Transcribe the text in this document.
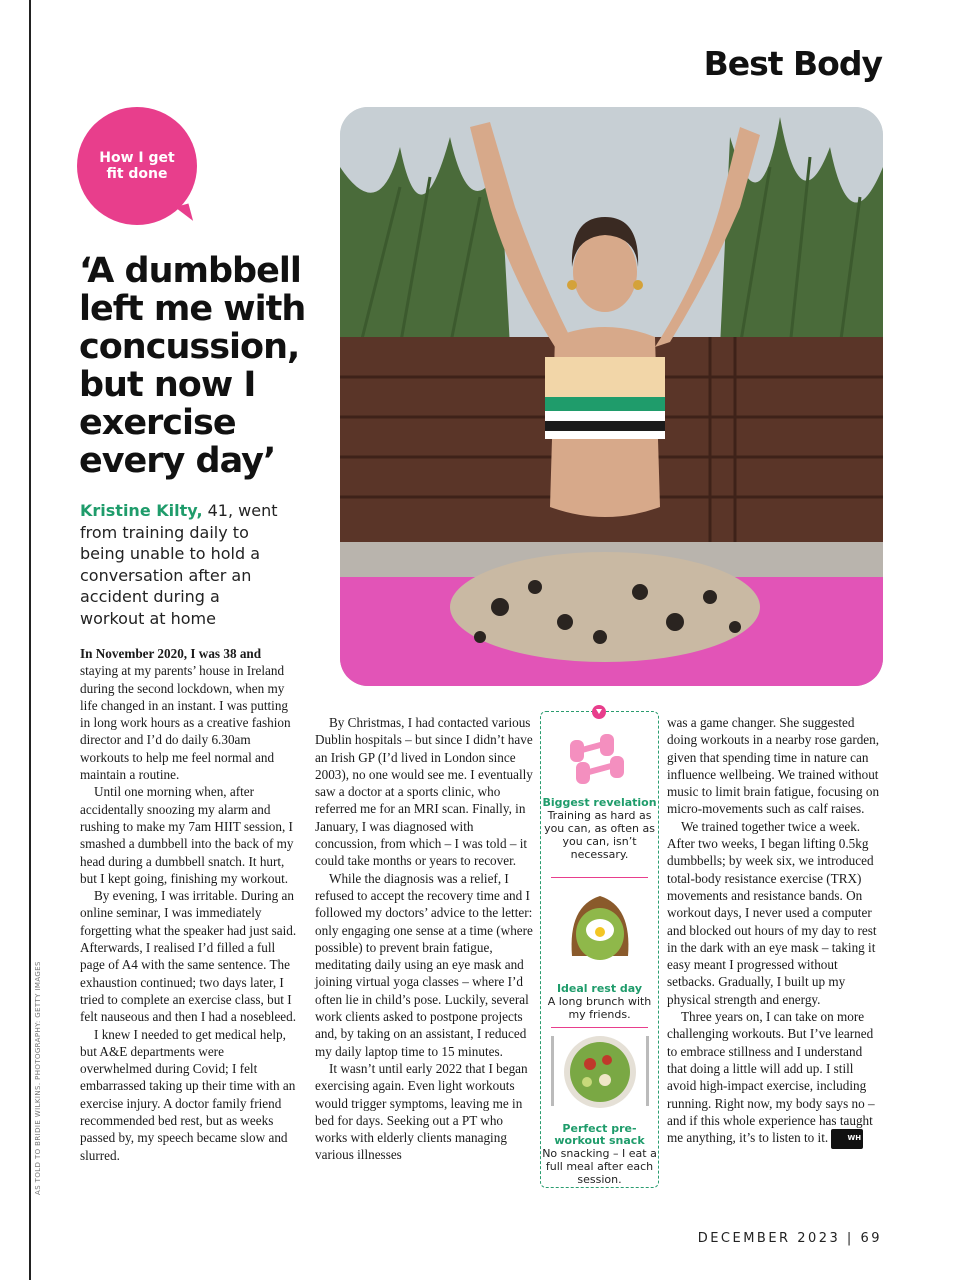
Best Body
How I get fit done
‘A dumbbell left me with concussion, but now I exercise every day’

Kristine Kilty, 41, went from training daily to being unable to hold a conversation after an accident during a workout at home

In November 2020, I was 38 and staying at my parents’ house in Ireland during the second lockdown, when my life changed in an instant. I was putting in long work hours as a creative fashion director and I’d do daily 6.30am workouts to help me feel normal and maintain a routine.

Until one morning when, after accidentally snoozing my alarm and rushing to make my 7am HIIT session, I smashed a dumbbell into the back of my head during a dumbbell snatch. It hurt, but I kept going, finishing my workout.

By evening, I was irritable. During an online seminar, I was immediately forgetting what the speaker had just said. Afterwards, I realised I’d filled a full page of A4 with the same sentence. The exhaustion continued; two days later, I tried to complete an exercise class, but I felt nauseous and then I had a nosebleed.

I knew I needed to get medical help, but A&E departments were overwhelmed during Covid; I felt embarrassed taking up their time with an exercise injury. A doctor family friend recommended bed rest, but as weeks passed by, my speech became slow and slurred.

By Christmas, I had contacted various Dublin hospitals – but since I didn’t have an Irish GP (I’d lived in London since 2003), no one would see me. I eventually saw a doctor at a sports clinic, who referred me for an MRI scan. Finally, in January, I was diagnosed with concussion, from which – I was told – it could take months or years to recover.

While the diagnosis was a relief, I refused to accept the recovery time and I followed my doctors’ advice to the letter: only engaging one sense at a time (where possible) to prevent brain fatigue, meditating daily using an eye mask and joining virtual yoga classes – where I’d often lie in child’s pose. Luckily, several work clients asked to postpone projects and, by taking on an assistant, I reduced my daily laptop time to 15 minutes.

It wasn’t until early 2022 that I began exercising again. Even light workouts would trigger symptoms, leaving me in bed for days. Seeking out a PT who works with elderly clients managing various illnesses

Biggest revelation
Training as hard as you can, as often as you can, isn’t necessary.
Ideal rest day
A long brunch with my friends.
Perfect pre-workout snack
No snacking – I eat a full meal after each session.

was a game changer. She suggested doing workouts in a nearby rose garden, given that spending time in nature can influence wellbeing. We trained without music to limit brain fatigue, focusing on micro-movements such as calf raises.

We trained together twice a week. After two weeks, I began lifting 0.5kg dumbbells; by week six, we introduced total-body resistance exercise (TRX) movements and resistance bands. On workout days, I never used a computer and blocked out hours of my day to rest in the dark with an eye mask – taking it easy meant I progressed without setbacks. Gradually, I built up my physical strength and energy.

Three years on, I can take on more challenging workouts. But I’ve learned to embrace stillness and I understand that doing a little will add up. I still avoid high-impact exercise, including running. Right now, my body says no – and if this whole experience has taught me anything, it’s to listen to it.	WH

AS TOLD TO BRIDIE WILKINS. PHOTOGRAPHY: GETTY IMAGES
DECEMBER 2023 | 69
